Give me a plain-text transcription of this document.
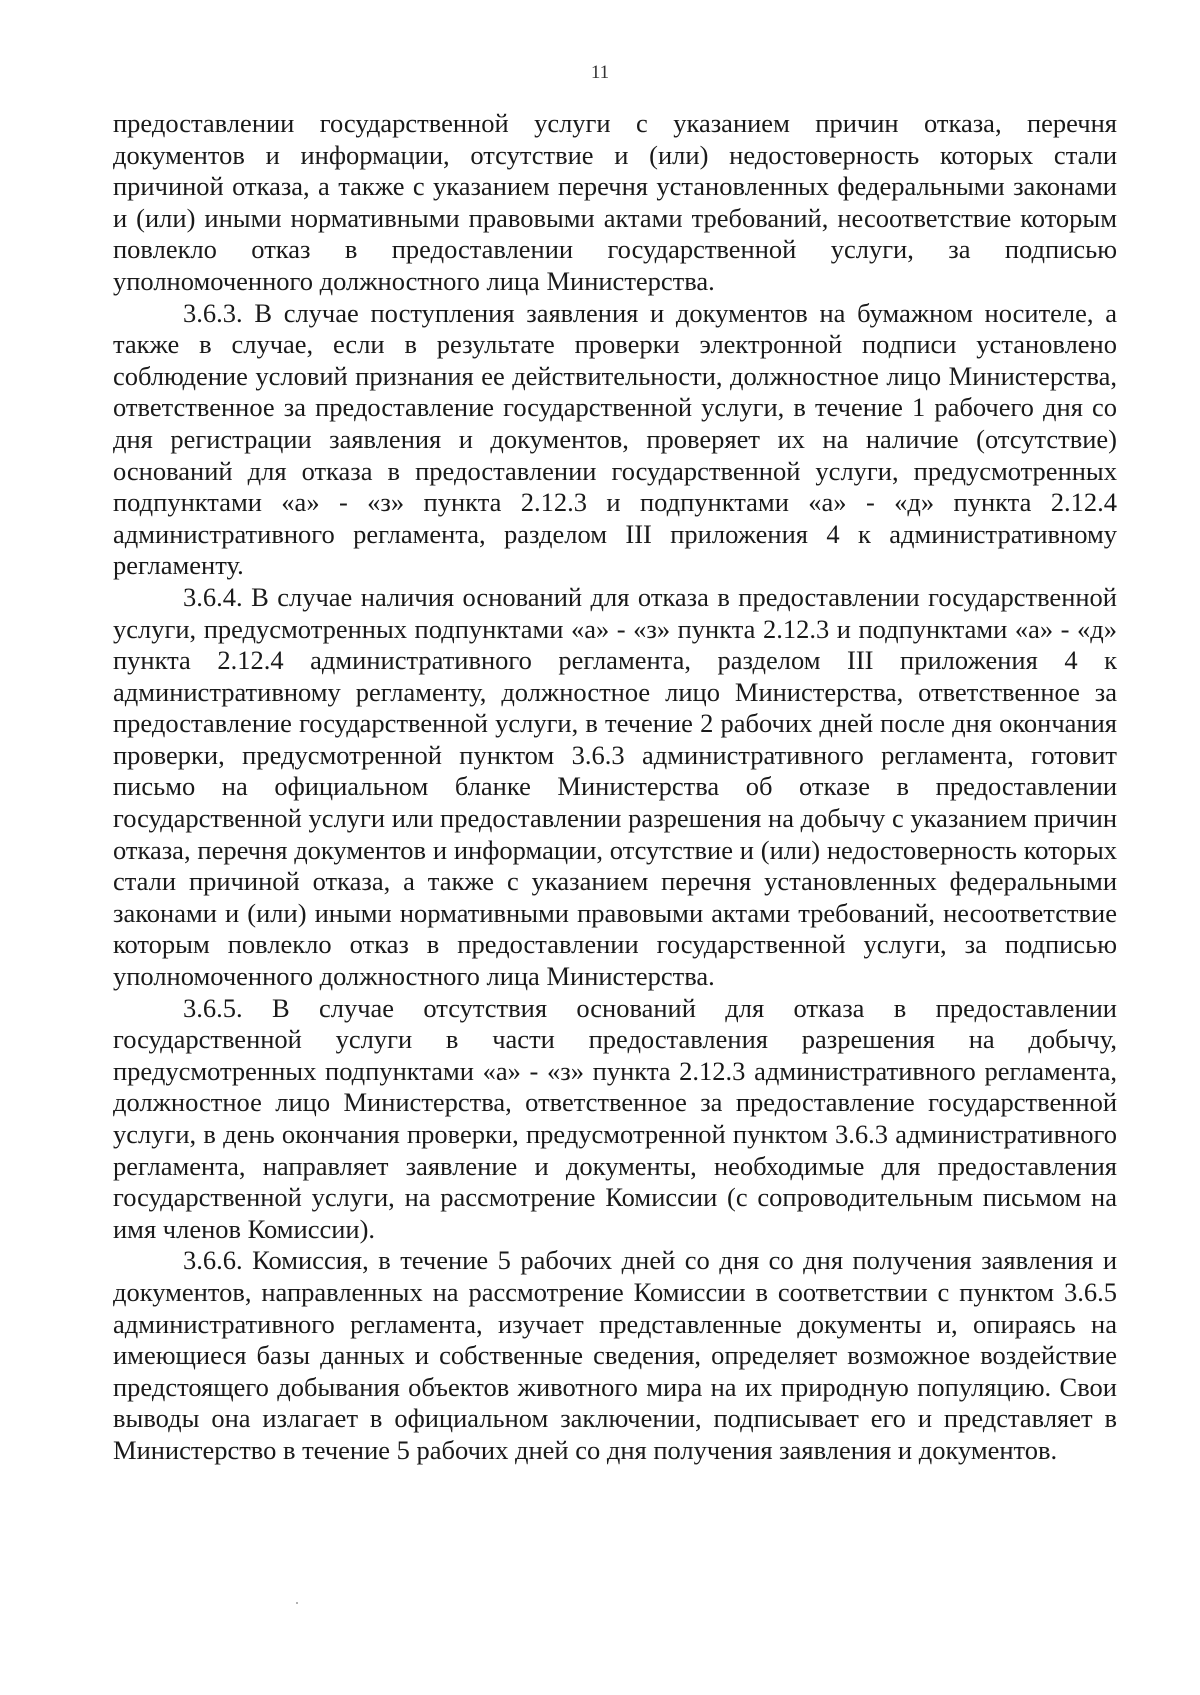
11

предоставлении государственной услуги с указанием причин отказа, перечня документов и информации, отсутствие и (или) недостоверность которых стали причиной отказа, а также с указанием перечня установленных федеральными законами и (или) иными нормативными правовыми актами требований, несоответствие которым повлекло отказ в предоставлении государственной услуги, за подписью уполномоченного должностного лица Министерства.

3.6.3. В случае поступления заявления и документов на бумажном носителе, а также в случае, если в результате проверки электронной подписи установлено соблюдение условий признания ее действительности, должностное лицо Министерства, ответственное за предоставление государственной услуги, в течение 1 рабочего дня со дня регистрации заявления и документов, проверяет их на наличие (отсутствие) оснований для отказа в предоставлении государственной услуги, предусмотренных подпунктами «а» - «з» пункта 2.12.3 и подпунктами «а» - «д» пункта 2.12.4 административного регламента, разделом III приложения 4 к административному регламенту.

3.6.4. В случае наличия оснований для отказа в предоставлении государственной услуги, предусмотренных подпунктами «а» - «з» пункта 2.12.3 и подпунктами «а» - «д» пункта 2.12.4 административного регламента, разделом III приложения 4 к административному регламенту, должностное лицо Министерства, ответственное за предоставление государственной услуги, в течение 2 рабочих дней после дня окончания проверки, предусмотренной пунктом 3.6.3 административного регламента, готовит письмо на официальном бланке Министерства об отказе в предоставлении государственной услуги или предоставлении разрешения на добычу с указанием причин отказа, перечня документов и информации, отсутствие и (или) недостоверность которых стали причиной отказа, а также с указанием перечня установленных федеральными законами и (или) иными нормативными правовыми актами требований, несоответствие которым повлекло отказ в предоставлении государственной услуги, за подписью уполномоченного должностного лица Министерства.

3.6.5. В случае отсутствия оснований для отказа в предоставлении государственной услуги в части предоставления разрешения на добычу, предусмотренных подпунктами «а» - «з» пункта 2.12.3 административного регламента, должностное лицо Министерства, ответственное за предоставление государственной услуги, в день окончания проверки, предусмотренной пунктом 3.6.3 административного регламента, направляет заявление и документы, необходимые для предоставления государственной услуги, на рассмотрение Комиссии (с сопроводительным письмом на имя членов Комиссии).

3.6.6. Комиссия, в течение 5 рабочих дней со дня со дня получения заявления и документов, направленных на рассмотрение Комиссии в соответствии с пунктом 3.6.5 административного регламента, изучает представленные документы и, опираясь на имеющиеся базы данных и собственные сведения, определяет возможное воздействие предстоящего добывания объектов животного мира на их природную популяцию. Свои выводы она излагает в официальном заключении, подписывает его и представляет в Министерство в течение 5 рабочих дней со дня получения заявления и документов.
